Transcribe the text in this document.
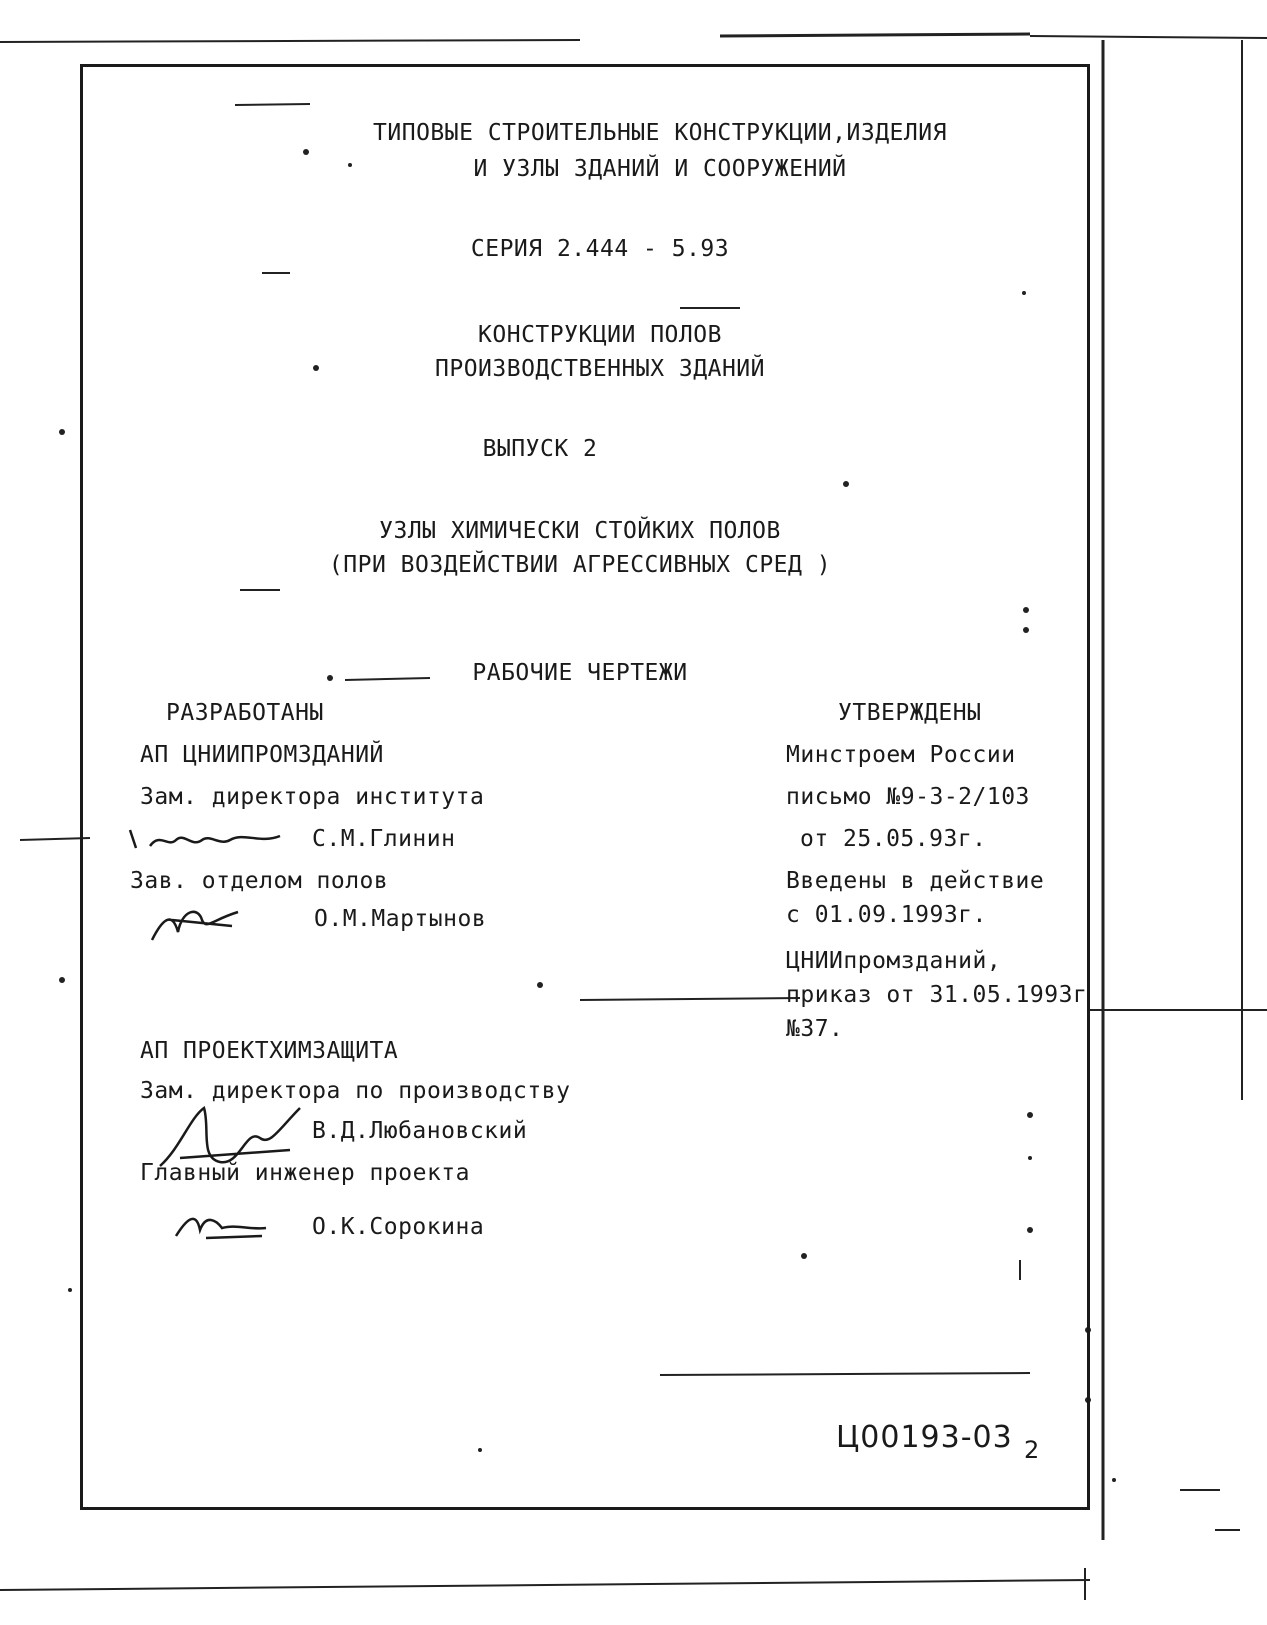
ТИПОВЫЕ СТРОИТЕЛЬНЫЕ КОНСТРУКЦИИ,ИЗДЕЛИЯ
И УЗЛЫ ЗДАНИЙ И СООРУЖЕНИЙ
СЕРИЯ 2.444 - 5.93
КОНСТРУКЦИИ ПОЛОВ
ПРОИЗВОДСТВЕННЫХ ЗДАНИЙ
ВЫПУСК 2
УЗЛЫ ХИМИЧЕСКИ СТОЙКИХ ПОЛОВ
(ПРИ ВОЗДЕЙСТВИИ АГРЕССИВНЫХ СРЕД )
РАБОЧИЕ ЧЕРТЕЖИ
РАЗРАБОТАНЫ
АП ЦНИИПРОМЗДАНИЙ
Зам. директора института
С.М.Глинин
Зав. отделом полов
О.М.Мартынов
АП ПРОЕКТХИМЗАЩИТА
Зам. директора по производству
В.Д.Любановский
Главный инженер проекта
О.К.Сорокина
УТВЕРЖДЕНЫ
Минстроем России
письмо №9-3-2/103
от 25.05.93г.
Введены в действие
с 01.09.1993г.
ЦНИИпромзданий,
приказ от 31.05.1993г
№37.
Ц00193-03 2
